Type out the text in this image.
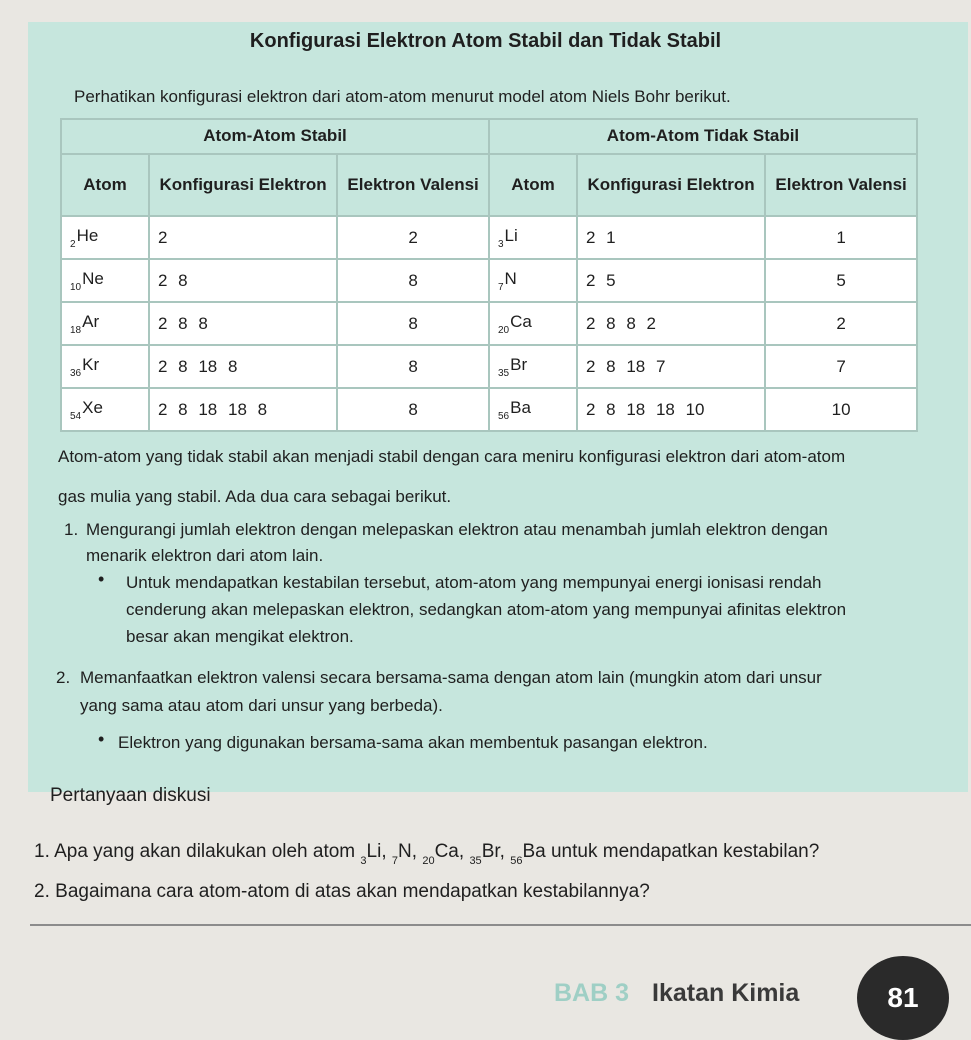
Konfigurasi Elektron Atom Stabil dan Tidak Stabil
Perhatikan konfigurasi elektron dari atom-atom menurut model atom Niels Bohr berikut.
Atom-Atom Stabil			Atom-Atom Tidak Stabil		
Atom	Konfigurasi Elektron	Elektron Valensi	Atom	Konfigurasi Elektron	Elektron Valensi
$_2$He	2	2	$_3$Li	2 1	1
$_{10}$Ne	2 8	8	$_7$N	2 5	5
$_{18}$Ar	2 8 8	8	$_{20}$Ca	2 8 8 2	2
$_{36}$Kr	2 8 18 8	8	$_{35}$Br	2 8 18 7	7
$_{54}$Xe	2 8 18 18 8	8	$_{56}$Ba	2 8 18 18 10	10
Atom-atom yang tidak stabil akan menjadi stabil dengan cara meniru konfigurasi elektron dari atom-atom
gas mulia yang stabil. Ada dua cara sebagai berikut.
1. Mengurangi jumlah elektron dengan melepaskan elektron atau menambah jumlah elektron dengan
menarik elektron dari atom lain.
• Untuk mendapatkan kestabilan tersebut, atom-atom yang mempunyai energi ionisasi rendah
cenderung akan melepaskan elektron, sedangkan atom-atom yang mempunyai afinitas elektron
besar akan mengikat elektron.
2. Memanfaatkan elektron valensi secara bersama-sama dengan atom lain (mungkin atom dari unsur
yang sama atau atom dari unsur yang berbeda).
• Elektron yang digunakan bersama-sama akan membentuk pasangan elektron.
Pertanyaan diskusi
1. Apa yang akan dilakukan oleh atom $_3$Li, $_7$N, $_{20}$Ca, $_{35}$Br, $_{56}$Ba untuk mendapatkan kestabilan?
2. Bagaimana cara atom-atom di atas akan mendapatkan kestabilannya?
BAB 3 Ikatan Kimia	81
